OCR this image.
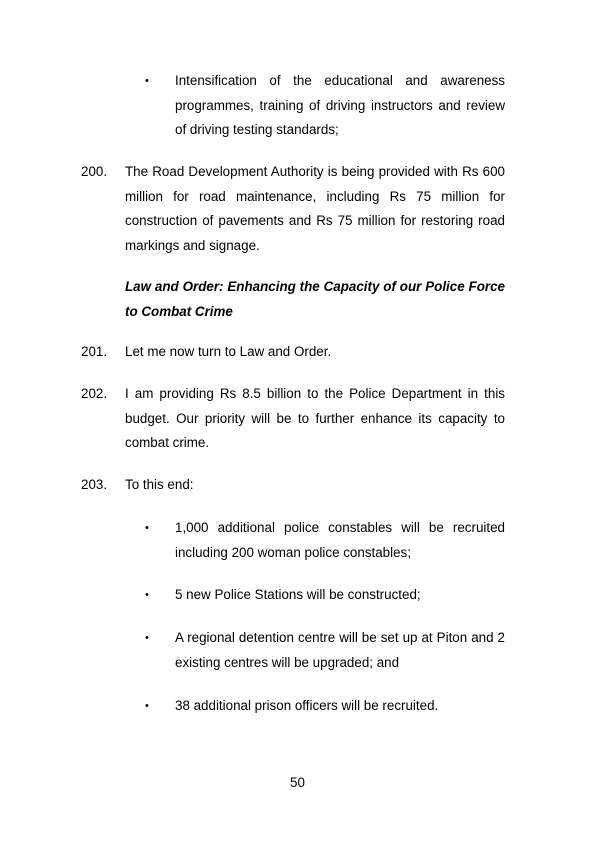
• Intensification of the educational and awareness programmes, training of driving instructors and review of driving testing standards;
200. The Road Development Authority is being provided with Rs 600 million for road maintenance, including Rs 75 million for construction of pavements and Rs 75 million for restoring road markings and signage.
Law and Order: Enhancing the Capacity of our Police Force to Combat Crime
201. Let me now turn to Law and Order.
202. I am providing Rs 8.5 billion to the Police Department in this budget. Our priority will be to further enhance its capacity to combat crime.
203. To this end:
• 1,000 additional police constables will be recruited including 200 woman police constables;
• 5 new Police Stations will be constructed;
• A regional detention centre will be set up at Piton and 2 existing centres will be upgraded; and
• 38 additional prison officers will be recruited.
50
